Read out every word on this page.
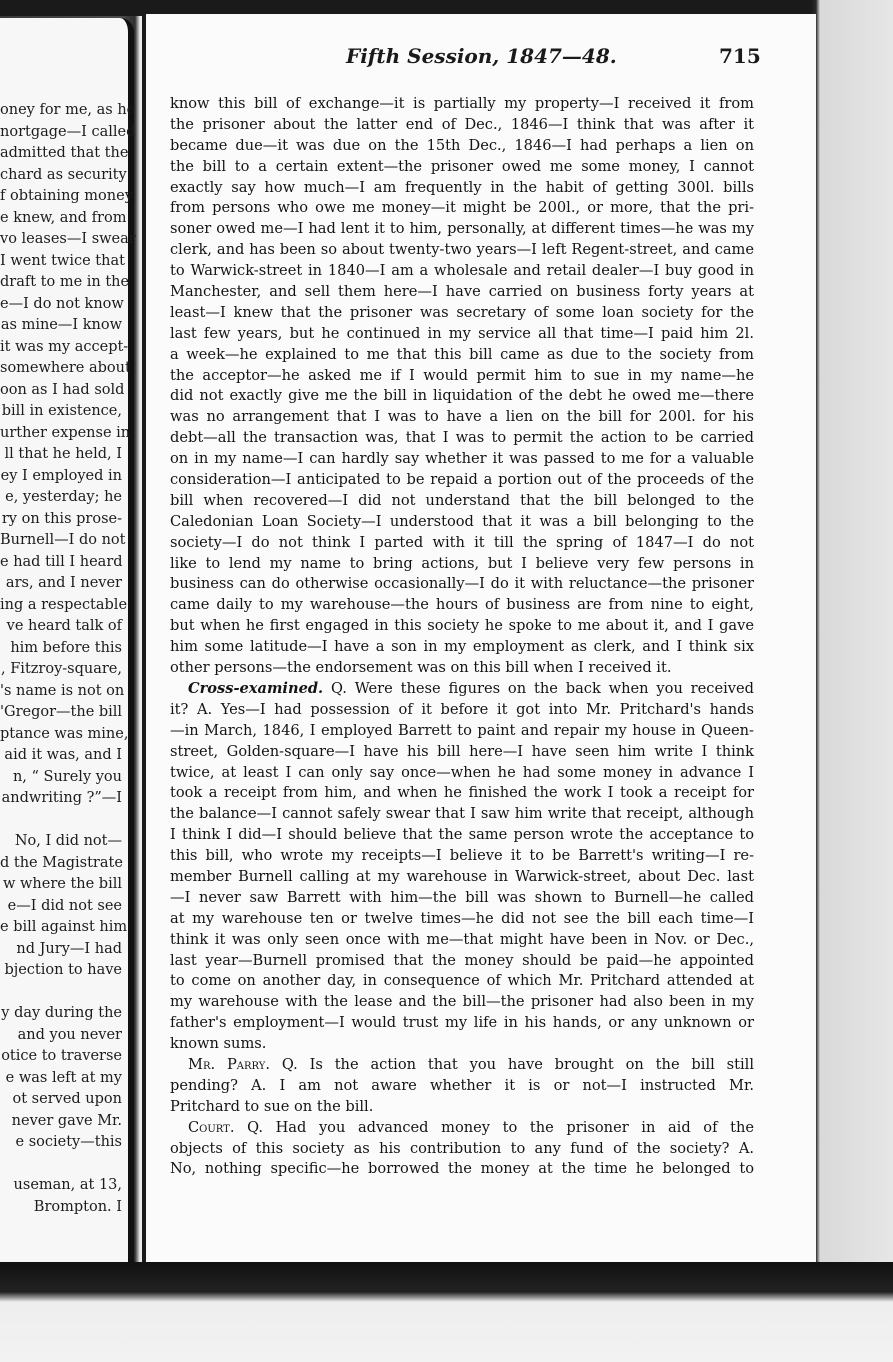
oney for me, as he
nortgage—I called
admitted that the
chard as security
f obtaining money
e knew, and from
vo leases—I swear
I went twice that
draft to me in the
e—I do not know
as mine—I know
it was my accept-
somewhere about
oon as I had sold
bill in existence,
urther expense in
ll that he held, I
ey I employed in
e, yesterday; he
ry on this prose-
Burnell—I do not
e had till I heard
ars, and I never
ing a respectable
ve heard talk of
him before this
, Fitzroy-square,
's name is not on
'Gregor—the bill
ptance was mine,
aid it was, and I
n, “ Surely you
andwriting ?”—I
No, I did not—
d the Magistrate
w where the bill
e—I did not see
e bill against him
nd Jury—I had
bjection to have
y day during the
and you never
otice to traverse
e was left at my
ot served upon
never gave Mr.
e society—this
useman, at 13,
Brompton. I
Fifth Session, 1847—48.	715
know this bill of exchange—it is partially my property—I received it from
the prisoner about the latter end of Dec., 1846—I think that was after it
became due—it was due on the 15th Dec., 1846—I had perhaps a lien on
the bill to a certain extent—the prisoner owed me some money, I cannot
exactly say how much—I am frequently in the habit of getting 300l. bills
from persons who owe me money—it might be 200l., or more, that the pri-
soner owed me—I had lent it to him, personally, at different times—he was my
clerk, and has been so about twenty-two years—I left Regent-street, and came
to Warwick-street in 1840—I am a wholesale and retail dealer—I buy good in
Manchester, and sell them here—I have carried on business forty years at
least—I knew that the prisoner was secretary of some loan society for the
last few years, but he continued in my service all that time—I paid him 2l.
a week—he explained to me that this bill came as due to the society from
the acceptor—he asked me if I would permit him to sue in my name—he
did not exactly give me the bill in liquidation of the debt he owed me—there
was no arrangement that I was to have a lien on the bill for 200l. for his
debt—all the transaction was, that I was to permit the action to be carried
on in my name—I can hardly say whether it was passed to me for a valuable
consideration—I anticipated to be repaid a portion out of the proceeds of the
bill when recovered—I did not understand that the bill belonged to the
Caledonian Loan Society—I understood that it was a bill belonging to the
society—I do not think I parted with it till the spring of 1847—I do not
like to lend my name to bring actions, but I believe very few persons in
business can do otherwise occasionally—I do it with reluctance—the prisoner
came daily to my warehouse—the hours of business are from nine to eight,
but when he first engaged in this society he spoke to me about it, and I gave
him some latitude—I have a son in my employment as clerk, and I think six
other persons—the endorsement was on this bill when I received it.
Cross-examined. Q. Were these figures on the back when you received
it? A. Yes—I had possession of it before it got into Mr. Pritchard's hands
—in March, 1846, I employed Barrett to paint and repair my house in Queen-
street, Golden-square—I have his bill here—I have seen him write I think
twice, at least I can only say once—when he had some money in advance I
took a receipt from him, and when he finished the work I took a receipt for
the balance—I cannot safely swear that I saw him write that receipt, although
I think I did—I should believe that the same person wrote the acceptance to
this bill, who wrote my receipts—I believe it to be Barrett's writing—I re-
member Burnell calling at my warehouse in Warwick-street, about Dec. last
—I never saw Barrett with him—the bill was shown to Burnell—he called
at my warehouse ten or twelve times—he did not see the bill each time—I
think it was only seen once with me—that might have been in Nov. or Dec.,
last year—Burnell promised that the money should be paid—he appointed
to come on another day, in consequence of which Mr. Pritchard attended at
my warehouse with the lease and the bill—the prisoner had also been in my
father's employment—I would trust my life in his hands, or any unknown or
known sums.
Mr. Parry. Q. Is the action that you have brought on the bill still
pending? A. I am not aware whether it is or not—I instructed Mr.
Pritchard to sue on the bill.
Court. Q. Had you advanced money to the prisoner in aid of the
objects of this society as his contribution to any fund of the society? A.
No, nothing specific—he borrowed the money at the time he belonged to
